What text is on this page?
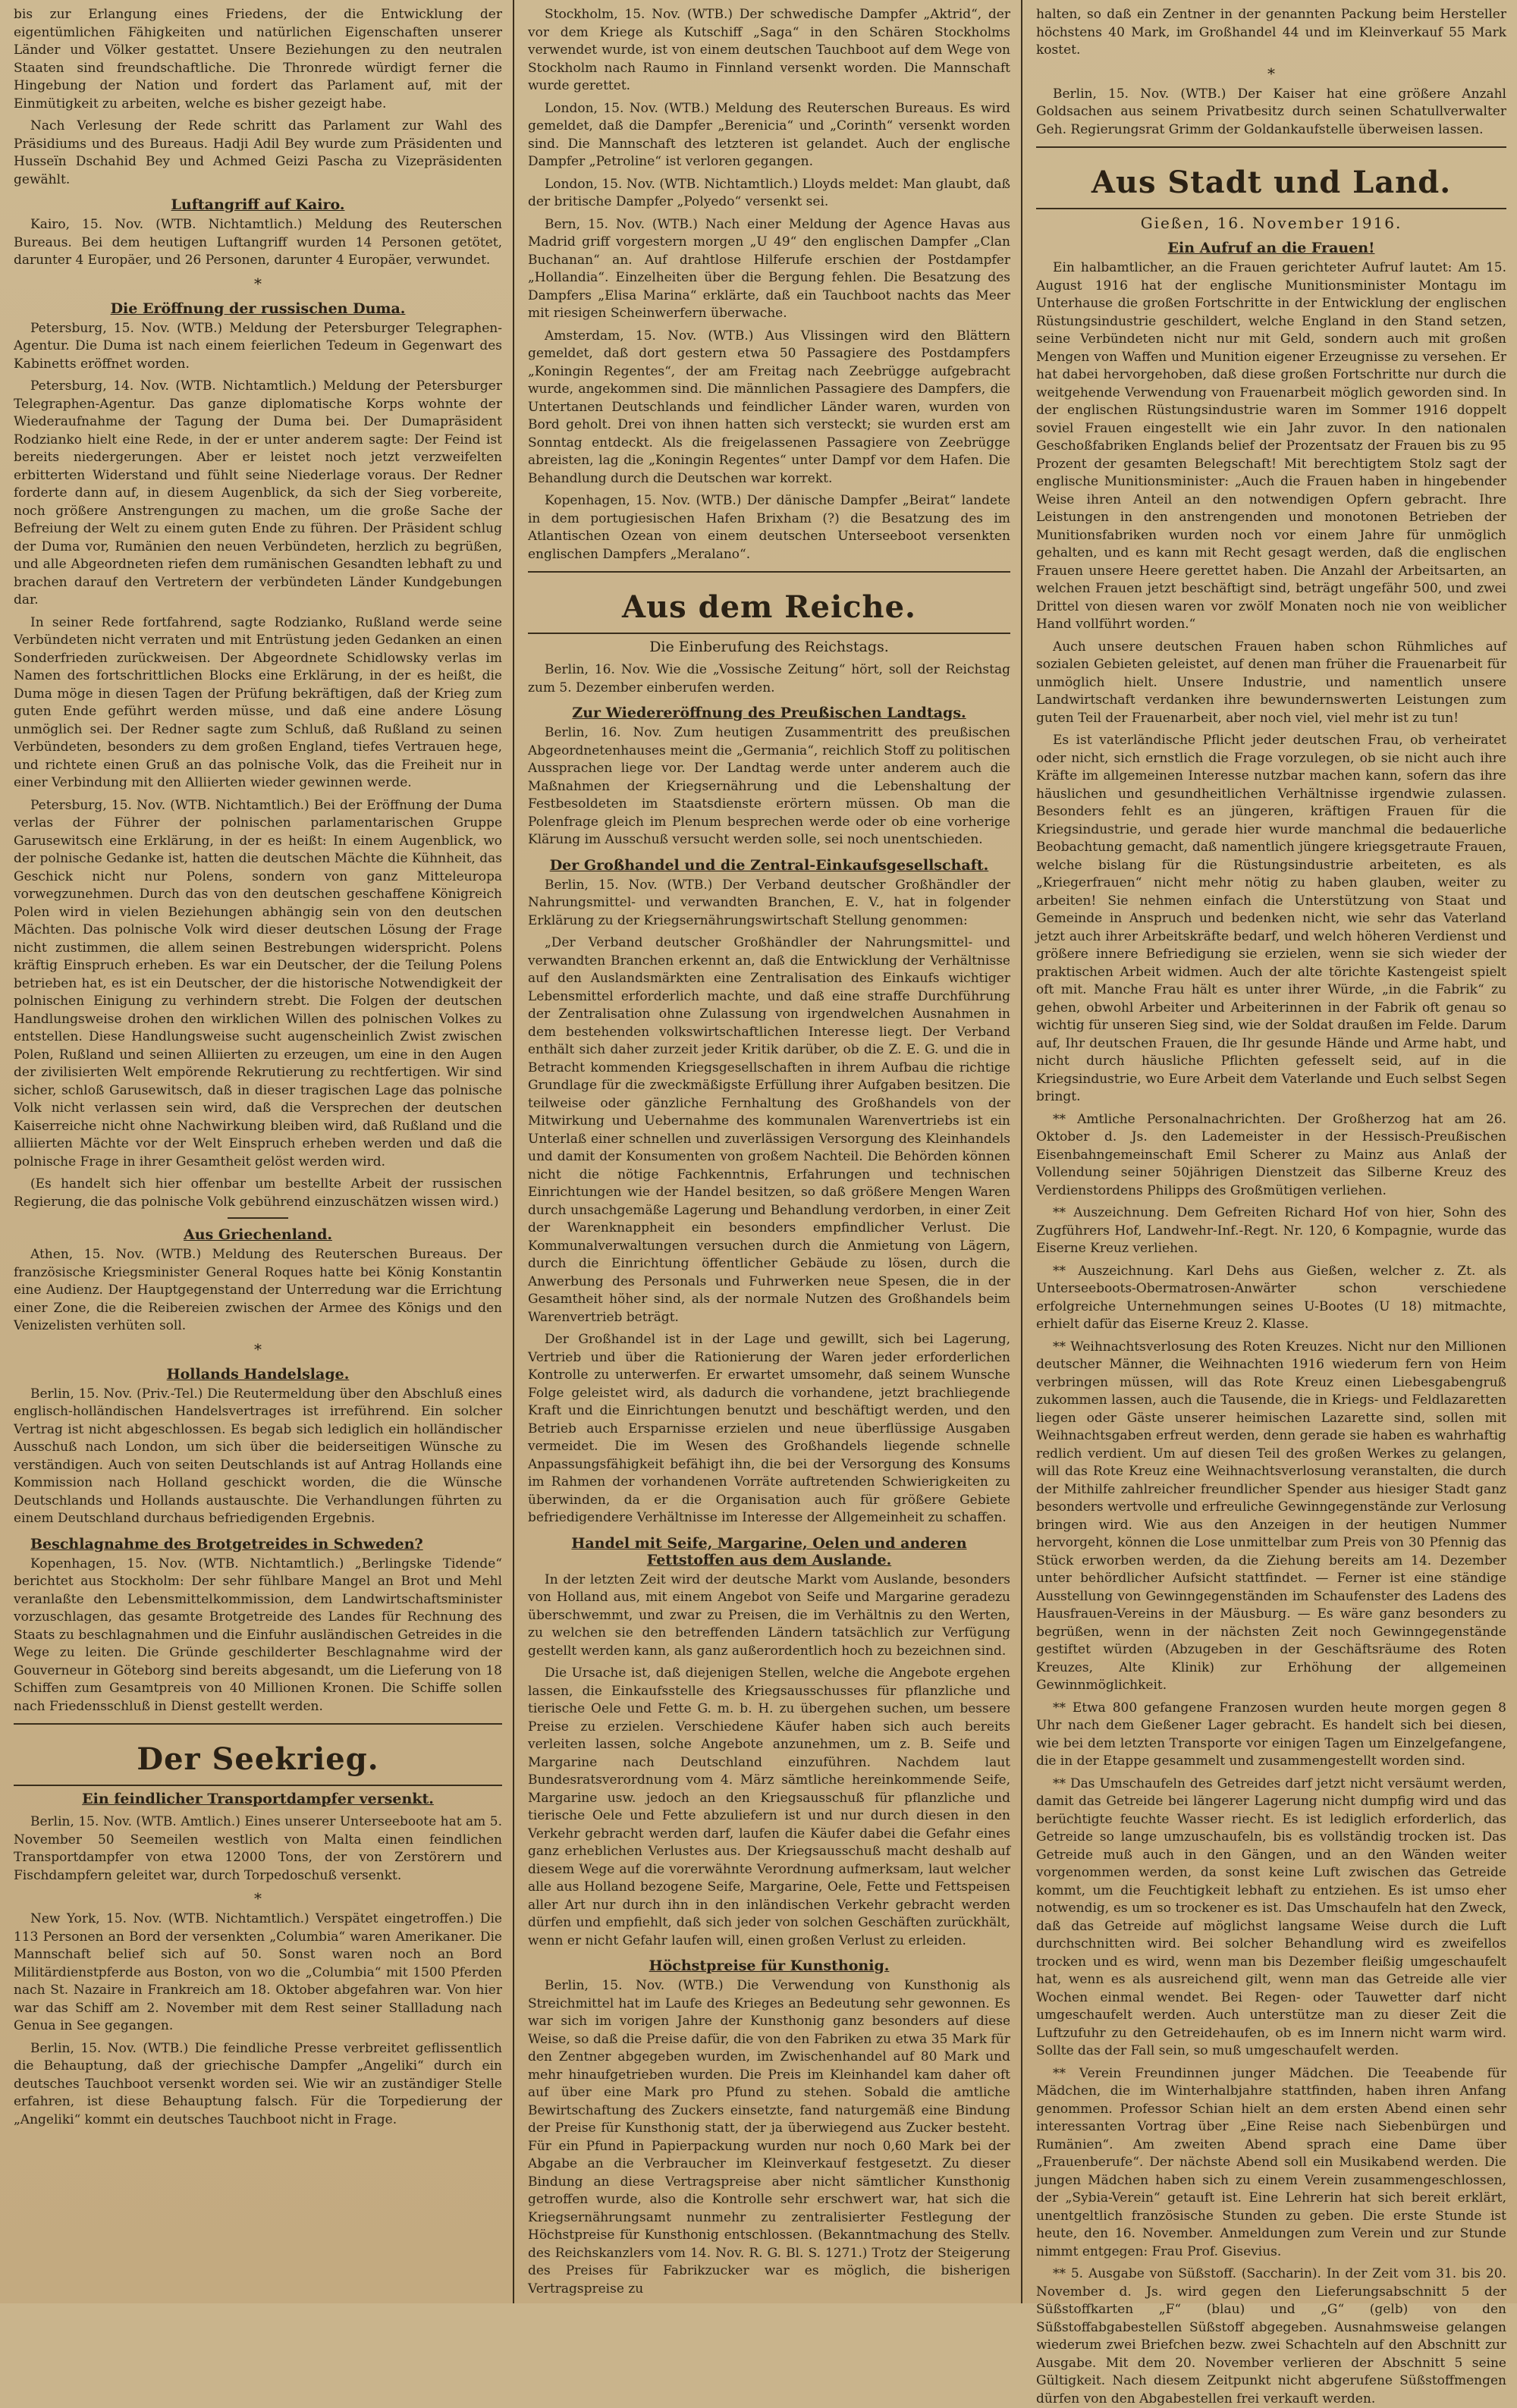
bis zur Erlangung eines Friedens, der die Entwicklung der eigentümlichen Fähigkeiten und natürlichen Eigenschaften unserer Länder und Völker gestattet. Unsere Beziehungen zu den neutralen Staaten sind freundschaftliche. Die Thronrede würdigt ferner die Hingebung der Nation und fordert das Parlament auf, mit der Einmütigkeit zu arbeiten, welche es bisher gezeigt habe.

Nach Verlesung der Rede schritt das Parlament zur Wahl des Präsidiums und des Bureaus. Hadji Adil Bey wurde zum Präsidenten und Husseïn Dschahid Bey und Achmed Geizi Pascha zu Vizepräsidenten gewählt.

Luftangriff auf Kairo.

Kairo, 15. Nov. (WTB. Nichtamtlich.) Meldung des Reuterschen Bureaus. Bei dem heutigen Luftangriff wurden 14 Personen getötet, darunter 4 Europäer, und 26 Personen, darunter 4 Europäer, verwundet.

*
Die Eröffnung der russischen Duma.

Petersburg, 15. Nov. (WTB.) Meldung der Petersburger Telegraphen-Agentur. Die Duma ist nach einem feierlichen Tedeum in Gegenwart des Kabinetts eröffnet worden.

Petersburg, 14. Nov. (WTB. Nichtamtlich.) Meldung der Petersburger Telegraphen-Agentur. Das ganze diplomatische Korps wohnte der Wiederaufnahme der Tagung der Duma bei. Der Dumapräsident Rodzianko hielt eine Rede, in der er unter anderem sagte: Der Feind ist bereits niedergerungen. Aber er leistet noch jetzt verzweifelten erbitterten Widerstand und fühlt seine Niederlage voraus. Der Redner forderte dann auf, in diesem Augenblick, da sich der Sieg vorbereite, noch größere Anstrengungen zu machen, um die große Sache der Befreiung der Welt zu einem guten Ende zu führen. Der Präsident schlug der Duma vor, Rumänien den neuen Verbündeten, herzlich zu begrüßen, und alle Abgeordneten riefen dem rumänischen Gesandten lebhaft zu und brachen darauf den Vertretern der verbündeten Länder Kundgebungen dar.

In seiner Rede fortfahrend, sagte Rodzianko, Rußland werde seine Verbündeten nicht verraten und mit Entrüstung jeden Gedanken an einen Sonderfrieden zurückweisen. Der Abgeordnete Schidlowsky verlas im Namen des fortschrittlichen Blocks eine Erklärung, in der es heißt, die Duma möge in diesen Tagen der Prüfung bekräftigen, daß der Krieg zum guten Ende geführt werden müsse, und daß eine andere Lösung unmöglich sei. Der Redner sagte zum Schluß, daß Rußland zu seinen Verbündeten, besonders zu dem großen England, tiefes Vertrauen hege, und richtete einen Gruß an das polnische Volk, das die Freiheit nur in einer Verbindung mit den Alliierten wieder gewinnen werde.

Petersburg, 15. Nov. (WTB. Nichtamtlich.) Bei der Eröffnung der Duma verlas der Führer der polnischen parlamentarischen Gruppe Garusewitsch eine Erklärung, in der es heißt: In einem Augenblick, wo der polnische Gedanke ist, hatten die deutschen Mächte die Kühnheit, das Geschick nicht nur Polens, sondern von ganz Mitteleuropa vorwegzunehmen. Durch das von den deutschen geschaffene Königreich Polen wird in vielen Beziehungen abhängig sein von den deutschen Mächten. Das polnische Volk wird dieser deutschen Lösung der Frage nicht zustimmen, die allem seinen Bestrebungen widerspricht. Polens kräftig Einspruch erheben. Es war ein Deutscher, der die Teilung Polens betrieben hat, es ist ein Deutscher, der die historische Notwendigkeit der polnischen Einigung zu verhindern strebt. Die Folgen der deutschen Handlungsweise drohen den wirklichen Willen des polnischen Volkes zu entstellen. Diese Handlungsweise sucht augenscheinlich Zwist zwischen Polen, Rußland und seinen Alliierten zu erzeugen, um eine in den Augen der zivilisierten Welt empörende Rekrutierung zu rechtfertigen. Wir sind sicher, schloß Garusewitsch, daß in dieser tragischen Lage das polnische Volk nicht verlassen sein wird, daß die Versprechen der deutschen Kaiserreiche nicht ohne Nachwirkung bleiben wird, daß Rußland und die alliierten Mächte vor der Welt Einspruch erheben werden und daß die polnische Frage in ihrer Gesamtheit gelöst werden wird.

(Es handelt sich hier offenbar um bestellte Arbeit der russischen Regierung, die das polnische Volk gebührend einzuschätzen wissen wird.)

Aus Griechenland.

Athen, 15. Nov. (WTB.) Meldung des Reuterschen Bureaus. Der französische Kriegsminister General Roques hatte bei König Konstantin eine Audienz. Der Hauptgegenstand der Unterredung war die Errichtung einer Zone, die die Reibereien zwischen der Armee des Königs und den Venizelisten verhüten soll.

*
Hollands Handelslage.

Berlin, 15. Nov. (Priv.-Tel.) Die Reutermeldung über den Abschluß eines englisch-holländischen Handelsvertrages ist irreführend. Ein solcher Vertrag ist nicht abgeschlossen. Es begab sich lediglich ein holländischer Ausschuß nach London, um sich über die beiderseitigen Wünsche zu verständigen. Auch von seiten Deutschlands ist auf Antrag Hollands eine Kommission nach Holland geschickt worden, die die Wünsche Deutschlands und Hollands austauschte. Die Verhandlungen führten zu einem Deutschland durchaus befriedigenden Ergebnis.

Beschlagnahme des Brotgetreides in Schweden?

Kopenhagen, 15. Nov. (WTB. Nichtamtlich.) „Berlingske Tidende“ berichtet aus Stockholm: Der sehr fühlbare Mangel an Brot und Mehl veranlaßte den Lebensmittelkommission, dem Landwirtschaftsminister vorzuschlagen, das gesamte Brotgetreide des Landes für Rechnung des Staats zu beschlagnahmen und die Einfuhr ausländischen Getreides in die Wege zu leiten. Die Gründe geschilderter Beschlagnahme wird der Gouverneur in Göteborg sind bereits abgesandt, um die Lieferung von 18 Schiffen zum Gesamtpreis von 40 Millionen Kronen. Die Schiffe sollen nach Friedensschluß in Dienst gestellt werden.

Der Seekrieg.
Ein feindlicher Transportdampfer versenkt.

Berlin, 15. Nov. (WTB. Amtlich.) Eines unserer Unterseeboote hat am 5. November 50 Seemeilen westlich von Malta einen feindlichen Transportdampfer von etwa 12000 Tons, der von Zerstörern und Fischdampfern geleitet war, durch Torpedoschuß versenkt.

*

New York, 15. Nov. (WTB. Nichtamtlich.) Verspätet eingetroffen.) Die 113 Personen an Bord der versenkten „Columbia“ waren Amerikaner. Die Mannschaft belief sich auf 50. Sonst waren noch an Bord Militärdienstpferde aus Boston, von wo die „Columbia“ mit 1500 Pferden nach St. Nazaire in Frankreich am 18. Oktober abgefahren war. Von hier war das Schiff am 2. November mit dem Rest seiner Stallladung nach Genua in See gegangen.

Berlin, 15. Nov. (WTB.) Die feindliche Presse verbreitet geflissentlich die Behauptung, daß der griechische Dampfer „Angeliki“ durch ein deutsches Tauchboot versenkt worden sei. Wie wir an zuständiger Stelle erfahren, ist diese Behauptung falsch. Für die Torpedierung der „Angeliki“ kommt ein deutsches Tauchboot nicht in Frage.

Stockholm, 15. Nov. (WTB.) Der schwedische Dampfer „Aktrid“, der vor dem Kriege als Kutschiff „Saga“ in den Schären Stockholms verwendet wurde, ist von einem deutschen Tauchboot auf dem Wege von Stockholm nach Raumo in Finnland versenkt worden. Die Mannschaft wurde gerettet.

London, 15. Nov. (WTB.) Meldung des Reuterschen Bureaus. Es wird gemeldet, daß die Dampfer „Berenicia“ und „Corinth“ versenkt worden sind. Die Mannschaft des letzteren ist gelandet. Auch der englische Dampfer „Petroline“ ist verloren gegangen.

London, 15. Nov. (WTB. Nichtamtlich.) Lloyds meldet: Man glaubt, daß der britische Dampfer „Polyedo“ versenkt sei.

Bern, 15. Nov. (WTB.) Nach einer Meldung der Agence Havas aus Madrid griff vorgestern morgen „U 49“ den englischen Dampfer „Clan Buchanan“ an. Auf drahtlose Hilferufe erschien der Postdampfer „Hollandia“. Einzelheiten über die Bergung fehlen. Die Besatzung des Dampfers „Elisa Marina“ erklärte, daß ein Tauchboot nachts das Meer mit riesigen Scheinwerfern überwache.

Amsterdam, 15. Nov. (WTB.) Aus Vlissingen wird den Blättern gemeldet, daß dort gestern etwa 50 Passagiere des Postdampfers „Koningin Regentes“, der am Freitag nach Zeebrügge aufgebracht wurde, angekommen sind. Die männlichen Passagiere des Dampfers, die Untertanen Deutschlands und feindlicher Länder waren, wurden von Bord geholt. Drei von ihnen hatten sich versteckt; sie wurden erst am Sonntag entdeckt. Als die freigelassenen Passagiere von Zeebrügge abreisten, lag die „Koningin Regentes“ unter Dampf vor dem Hafen. Die Behandlung durch die Deutschen war korrekt.

Kopenhagen, 15. Nov. (WTB.) Der dänische Dampfer „Beirat“ landete in dem portugiesischen Hafen Brixham (?) die Besatzung des im Atlantischen Ozean von einem deutschen Unterseeboot versenkten englischen Dampfers „Meralano“.

Aus dem Reiche.
Die Einberufung des Reichstags.

Berlin, 16. Nov. Wie die „Vossische Zeitung“ hört, soll der Reichstag zum 5. Dezember einberufen werden.

Zur Wiedereröffnung des Preußischen Landtags.

Berlin, 16. Nov. Zum heutigen Zusammentritt des preußischen Abgeordnetenhauses meint die „Germania“, reichlich Stoff zu politischen Aussprachen liege vor. Der Landtag werde unter anderem auch die Maßnahmen der Kriegsernährung und die Lebenshaltung der Festbesoldeten im Staatsdienste erörtern müssen. Ob man die Polenfrage gleich im Plenum besprechen werde oder ob eine vorherige Klärung im Ausschuß versucht werden solle, sei noch unentschieden.

Der Großhandel und die Zentral-Einkaufsgesellschaft.

Berlin, 15. Nov. (WTB.) Der Verband deutscher Großhändler der Nahrungsmittel- und verwandten Branchen, E. V., hat in folgender Erklärung zu der Kriegsernährungswirtschaft Stellung genommen:

„Der Verband deutscher Großhändler der Nahrungsmittel- und verwandten Branchen erkennt an, daß die Entwicklung der Verhältnisse auf den Auslandsmärkten eine Zentralisation des Einkaufs wichtiger Lebensmittel erforderlich machte, und daß eine straffe Durchführung der Zentralisation ohne Zulassung von irgendwelchen Ausnahmen in dem bestehenden volkswirtschaftlichen Interesse liegt. Der Verband enthält sich daher zurzeit jeder Kritik darüber, ob die Z. E. G. und die in Betracht kommenden Kriegsgesellschaften in ihrem Aufbau die richtige Grundlage für die zweckmäßigste Erfüllung ihrer Aufgaben besitzen. Die teilweise oder gänzliche Fernhaltung des Großhandels von der Mitwirkung und Uebernahme des kommunalen Warenvertriebs ist ein Unterlaß einer schnellen und zuverlässigen Versorgung des Kleinhandels und damit der Konsumenten von großem Nachteil. Die Behörden können nicht die nötige Fachkenntnis, Erfahrungen und technischen Einrichtungen wie der Handel besitzen, so daß größere Mengen Waren durch unsachgemäße Lagerung und Behandlung verdorben, in einer Zeit der Warenknappheit ein besonders empfindlicher Verlust. Die Kommunalverwaltungen versuchen durch die Anmietung von Lägern, durch die Einrichtung öffentlicher Gebäude zu lösen, durch die Anwerbung des Personals und Fuhrwerken neue Spesen, die in der Gesamtheit höher sind, als der normale Nutzen des Großhandels beim Warenvertrieb beträgt.

Der Großhandel ist in der Lage und gewillt, sich bei Lagerung, Vertrieb und über die Rationierung der Waren jeder erforderlichen Kontrolle zu unterwerfen. Er erwartet umsomehr, daß seinem Wunsche Folge geleistet wird, als dadurch die vorhandene, jetzt brachliegende Kraft und die Einrichtungen benutzt und beschäftigt werden, und den Betrieb auch Ersparnisse erzielen und neue überflüssige Ausgaben vermeidet. Die im Wesen des Großhandels liegende schnelle Anpassungsfähigkeit befähigt ihn, die bei der Versorgung des Konsums im Rahmen der vorhandenen Vorräte auftretenden Schwierigkeiten zu überwinden, da er die Organisation auch für größere Gebiete befriedigendere Verhältnisse im Interesse der Allgemeinheit zu schaffen.

Handel mit Seife, Margarine, Oelen und anderen Fettstoffen aus dem Auslande.

In der letzten Zeit wird der deutsche Markt vom Auslande, besonders von Holland aus, mit einem Angebot von Seife und Margarine geradezu überschwemmt, und zwar zu Preisen, die im Verhältnis zu den Werten, zu welchen sie den betreffenden Ländern tatsächlich zur Verfügung gestellt werden kann, als ganz außerordentlich hoch zu bezeichnen sind.

Die Ursache ist, daß diejenigen Stellen, welche die Angebote ergehen lassen, die Einkaufsstelle des Kriegsausschusses für pflanzliche und tierische Oele und Fette G. m. b. H. zu übergehen suchen, um bessere Preise zu erzielen. Verschiedene Käufer haben sich auch bereits verleiten lassen, solche Angebote anzunehmen, um z. B. Seife und Margarine nach Deutschland einzuführen. Nachdem laut Bundesratsverordnung vom 4. März sämtliche hereinkommende Seife, Margarine usw. jedoch an den Kriegsausschuß für pflanzliche und tierische Oele und Fette abzuliefern ist und nur durch diesen in den Verkehr gebracht werden darf, laufen die Käufer dabei die Gefahr eines ganz erheblichen Verlustes aus. Der Kriegsausschuß macht deshalb auf diesem Wege auf die vorerwähnte Verordnung aufmerksam, laut welcher alle aus Holland bezogene Seife, Margarine, Oele, Fette und Fettspeisen aller Art nur durch ihn in den inländischen Verkehr gebracht werden dürfen und empfiehlt, daß sich jeder von solchen Geschäften zurückhält, wenn er nicht Gefahr laufen will, einen großen Verlust zu erleiden.

Höchstpreise für Kunsthonig.

Berlin, 15. Nov. (WTB.) Die Verwendung von Kunsthonig als Streichmittel hat im Laufe des Krieges an Bedeutung sehr gewonnen. Es war sich im vorigen Jahre der Kunsthonig ganz besonders auf diese Weise, so daß die Preise dafür, die von den Fabriken zu etwa 35 Mark für den Zentner abgegeben wurden, im Zwischenhandel auf 80 Mark und mehr hinaufgetrieben wurden. Die Preis im Kleinhandel kam daher oft auf über eine Mark pro Pfund zu stehen. Sobald die amtliche Bewirtschaftung des Zuckers einsetzte, fand naturgemäß eine Bindung der Preise für Kunsthonig statt, der ja überwiegend aus Zucker besteht. Für ein Pfund in Papierpackung wurden nur noch 0,60 Mark bei der Abgabe an die Verbraucher im Kleinverkauf festgesetzt. Zu dieser Bindung an diese Vertragspreise aber nicht sämtlicher Kunsthonig getroffen wurde, also die Kontrolle sehr erschwert war, hat sich die Kriegsernährungsamt nunmehr zu zentralisierter Festlegung der Höchstpreise für Kunsthonig entschlossen. (Bekanntmachung des Stellv. des Reichskanzlers vom 14. Nov. R. G. Bl. S. 1271.) Trotz der Steigerung des Preises für Fabrikzucker war es möglich, die bisherigen Vertragspreise zu

halten, so daß ein Zentner in der genannten Packung beim Hersteller höchstens 40 Mark, im Großhandel 44 und im Kleinverkauf 55 Mark kostet.

*

Berlin, 15. Nov. (WTB.) Der Kaiser hat eine größere Anzahl Goldsachen aus seinem Privatbesitz durch seinen Schatullverwalter Geh. Regierungsrat Grimm der Goldankaufstelle überweisen lassen.

Aus Stadt und Land.
Gießen, 16. November 1916.
Ein Aufruf an die Frauen!

Ein halbamtlicher, an die Frauen gerichteter Aufruf lautet: Am 15. August 1916 hat der englische Munitionsminister Montagu im Unterhause die großen Fortschritte in der Entwicklung der englischen Rüstungsindustrie geschildert, welche England in den Stand setzen, seine Verbündeten nicht nur mit Geld, sondern auch mit großen Mengen von Waffen und Munition eigener Erzeugnisse zu versehen. Er hat dabei hervorgehoben, daß diese großen Fortschritte nur durch die weitgehende Verwendung von Frauenarbeit möglich geworden sind. In der englischen Rüstungsindustrie waren im Sommer 1916 doppelt soviel Frauen eingestellt wie ein Jahr zuvor. In den nationalen Geschoßfabriken Englands belief der Prozentsatz der Frauen bis zu 95 Prozent der gesamten Belegschaft! Mit berechtigtem Stolz sagt der englische Munitionsminister: „Auch die Frauen haben in hingebender Weise ihren Anteil an den notwendigen Opfern gebracht. Ihre Leistungen in den anstrengenden und monotonen Betrieben der Munitionsfabriken wurden noch vor einem Jahre für unmöglich gehalten, und es kann mit Recht gesagt werden, daß die englischen Frauen unsere Heere gerettet haben. Die Anzahl der Arbeitsarten, an welchen Frauen jetzt beschäftigt sind, beträgt ungefähr 500, und zwei Drittel von diesen waren vor zwölf Monaten noch nie von weiblicher Hand vollführt worden.“

Auch unsere deutschen Frauen haben schon Rühmliches auf sozialen Gebieten geleistet, auf denen man früher die Frauenarbeit für unmöglich hielt. Unsere Industrie, und namentlich unsere Landwirtschaft verdanken ihre bewundernswerten Leistungen zum guten Teil der Frauenarbeit, aber noch viel, viel mehr ist zu tun!

Es ist vaterländische Pflicht jeder deutschen Frau, ob verheiratet oder nicht, sich ernstlich die Frage vorzulegen, ob sie nicht auch ihre Kräfte im allgemeinen Interesse nutzbar machen kann, sofern das ihre häuslichen und gesundheitlichen Verhältnisse irgendwie zulassen. Besonders fehlt es an jüngeren, kräftigen Frauen für die Kriegsindustrie, und gerade hier wurde manchmal die bedauerliche Beobachtung gemacht, daß namentlich jüngere kriegsgetraute Frauen, welche bislang für die Rüstungsindustrie arbeiteten, es als „Kriegerfrauen“ nicht mehr nötig zu haben glauben, weiter zu arbeiten! Sie nehmen einfach die Unterstützung von Staat und Gemeinde in Anspruch und bedenken nicht, wie sehr das Vaterland jetzt auch ihrer Arbeitskräfte bedarf, und welch höheren Verdienst und größere innere Befriedigung sie erzielen, wenn sie sich wieder der praktischen Arbeit widmen. Auch der alte törichte Kastengeist spielt oft mit. Manche Frau hält es unter ihrer Würde, „in die Fabrik“ zu gehen, obwohl Arbeiter und Arbeiterinnen in der Fabrik oft genau so wichtig für unseren Sieg sind, wie der Soldat draußen im Felde. Darum auf, Ihr deutschen Frauen, die Ihr gesunde Hände und Arme habt, und nicht durch häusliche Pflichten gefesselt seid, auf in die Kriegsindustrie, wo Eure Arbeit dem Vaterlande und Euch selbst Segen bringt.

** Amtliche Personalnachrichten. Der Großherzog hat am 26. Oktober d. Js. den Lademeister in der Hessisch-Preußischen Eisenbahngemeinschaft Emil Scherer zu Mainz aus Anlaß der Vollendung seiner 50jährigen Dienstzeit das Silberne Kreuz des Verdienstordens Philipps des Großmütigen verliehen.

** Auszeichnung. Dem Gefreiten Richard Hof von hier, Sohn des Zugführers Hof, Landwehr-Inf.-Regt. Nr. 120, 6 Kompagnie, wurde das Eiserne Kreuz verliehen.

** Auszeichnung. Karl Dehs aus Gießen, welcher z. Zt. als Unterseeboots-Obermatrosen-Anwärter schon verschiedene erfolgreiche Unternehmungen seines U-Bootes (U 18) mitmachte, erhielt dafür das Eiserne Kreuz 2. Klasse.

** Weihnachtsverlosung des Roten Kreuzes. Nicht nur den Millionen deutscher Männer, die Weihnachten 1916 wiederum fern von Heim verbringen müssen, will das Rote Kreuz einen Liebesgabengruß zukommen lassen, auch die Tausende, die in Kriegs- und Feldlazaretten liegen oder Gäste unserer heimischen Lazarette sind, sollen mit Weihnachtsgaben erfreut werden, denn gerade sie haben es wahrhaftig redlich verdient. Um auf diesen Teil des großen Werkes zu gelangen, will das Rote Kreuz eine Weihnachtsverlosung veranstalten, die durch der Mithilfe zahlreicher freundlicher Spender aus hiesiger Stadt ganz besonders wertvolle und erfreuliche Gewinngegenstände zur Verlosung bringen wird. Wie aus den Anzeigen in der heutigen Nummer hervorgeht, können die Lose unmittelbar zum Preis von 30 Pfennig das Stück erworben werden, da die Ziehung bereits am 14. Dezember unter behördlicher Aufsicht stattfindet. — Ferner ist eine ständige Ausstellung von Gewinngegenständen im Schaufenster des Ladens des Hausfrauen-Vereins in der Mäusburg. — Es wäre ganz besonders zu begrüßen, wenn in der nächsten Zeit noch Gewinngegenstände gestiftet würden (Abzugeben in der Geschäftsräume des Roten Kreuzes, Alte Klinik) zur Erhöhung der allgemeinen Gewinnmöglichkeit.

** Etwa 800 gefangene Franzosen wurden heute morgen gegen 8 Uhr nach dem Gießener Lager gebracht. Es handelt sich bei diesen, wie bei dem letzten Transporte vor einigen Tagen um Einzelgefangene, die in der Etappe gesammelt und zusammengestellt worden sind.

** Das Umschaufeln des Getreides darf jetzt nicht versäumt werden, damit das Getreide bei längerer Lagerung nicht dumpfig wird und das berüchtigte feuchte Wasser riecht. Es ist lediglich erforderlich, das Getreide so lange umzuschaufeln, bis es vollständig trocken ist. Das Getreide muß auch in den Gängen, und an den Wänden weiter vorgenommen werden, da sonst keine Luft zwischen das Getreide kommt, um die Feuchtigkeit lebhaft zu entziehen. Es ist umso eher notwendig, es um so trockener es ist. Das Umschaufeln hat den Zweck, daß das Getreide auf möglichst langsame Weise durch die Luft durchschnitten wird. Bei solcher Behandlung wird es zweifellos trocken und es wird, wenn man bis Dezember fleißig umgeschaufelt hat, wenn es als ausreichend gilt, wenn man das Getreide alle vier Wochen einmal wendet. Bei Regen- oder Tauwetter darf nicht umgeschaufelt werden. Auch unterstütze man zu dieser Zeit die Luftzufuhr zu den Getreidehaufen, ob es im Innern nicht warm wird. Sollte das der Fall sein, so muß umgeschaufelt werden.

** Verein Freundinnen junger Mädchen. Die Teeabende für Mädchen, die im Winterhalbjahre stattfinden, haben ihren Anfang genommen. Professor Schian hielt an dem ersten Abend einen sehr interessanten Vortrag über „Eine Reise nach Siebenbürgen und Rumänien“. Am zweiten Abend sprach eine Dame über „Frauenberufe“. Der nächste Abend soll ein Musikabend werden. Die jungen Mädchen haben sich zu einem Verein zusammengeschlossen, der „Sybia-Verein“ getauft ist. Eine Lehrerin hat sich bereit erklärt, unentgeltlich französische Stunden zu geben. Die erste Stunde ist heute, den 16. November. Anmeldungen zum Verein und zur Stunde nimmt entgegen: Frau Prof. Gisevius.

** 5. Ausgabe von Süßstoff. (Saccharin). In der Zeit vom 31. bis 20. November d. Js. wird gegen den Lieferungsabschnitt 5 der Süßstoffkarten „F“ (blau) und „G“ (gelb) von den Süßstoffabgabestellen Süßstoff abgegeben. Ausnahmsweise gelangen wiederum zwei Briefchen bezw. zwei Schachteln auf den Abschnitt zur Ausgabe. Mit dem 20. November verlieren der Abschnitt 5 seine Gültigkeit. Nach diesem Zeitpunkt nicht abgerufene Süßstoffmengen dürfen von den Abgabestellen frei verkauft werden.
